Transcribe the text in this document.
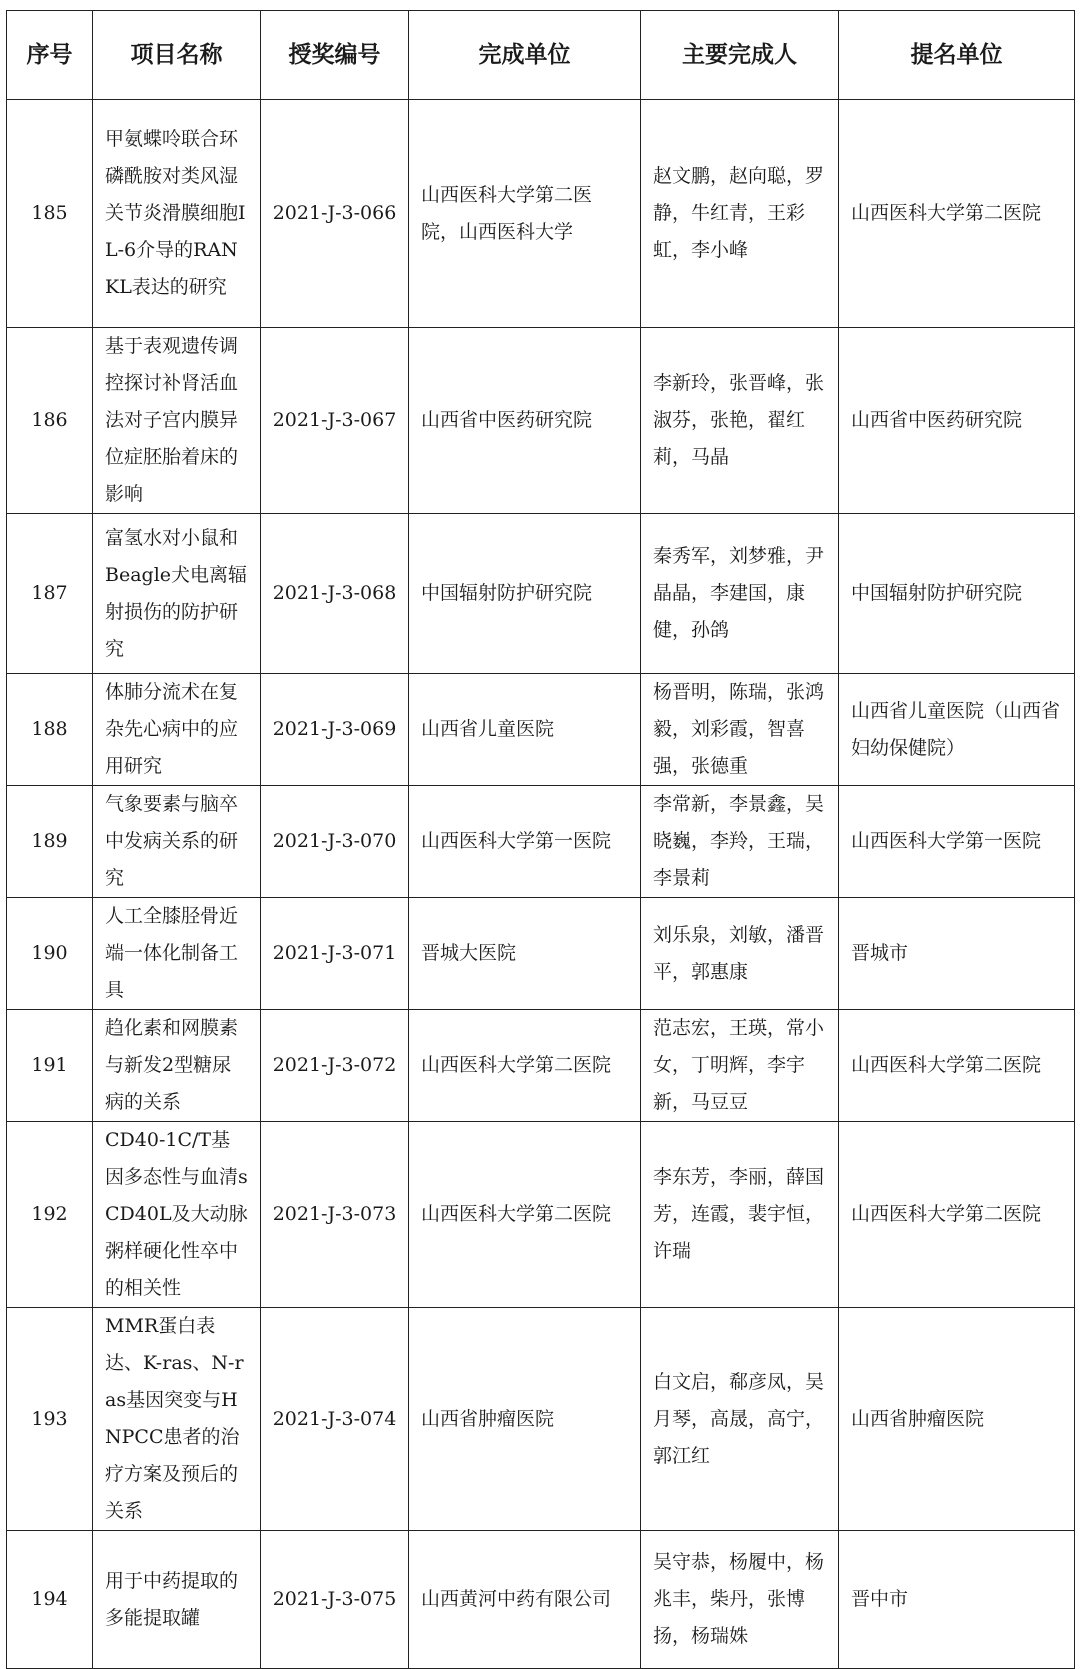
序号	项目名称	授奖编号	完成单位	主要完成人	提名单位
185	甲氨蝶呤联合环磷酰胺对类风湿关节炎滑膜细胞IL-6介导的RANKL表达的研究	2021-J-3-066	山西医科大学第二医院，山西医科大学	赵文鹏，赵向聪，罗静，牛红青，王彩虹，李小峰	山西医科大学第二医院
186	基于表观遗传调控探讨补肾活血法对子宫内膜异位症胚胎着床的影响	2021-J-3-067	山西省中医药研究院	李新玲，张晋峰，张淑芬，张艳，翟红莉，马晶	山西省中医药研究院
187	富氢水对小鼠和Beagle犬电离辐射损伤的防护研究	2021-J-3-068	中国辐射防护研究院	秦秀军，刘梦雅，尹晶晶，李建国，康健，孙鸽	中国辐射防护研究院
188	体肺分流术在复杂先心病中的应用研究	2021-J-3-069	山西省儿童医院	杨晋明，陈瑞，张鸿毅，刘彩霞，智喜强，张德重	山西省儿童医院（山西省妇幼保健院）
189	气象要素与脑卒中发病关系的研究	2021-J-3-070	山西医科大学第一医院	李常新，李景鑫，吴晓巍，李羚，王瑞，李景莉	山西医科大学第一医院
190	人工全膝胫骨近端一体化制备工具	2021-J-3-071	晋城大医院	刘乐泉，刘敏，潘晋平，郭惠康	晋城市
191	趋化素和网膜素与新发2型糖尿病的关系	2021-J-3-072	山西医科大学第二医院	范志宏，王瑛，常小女，丁明辉，李宇新，马豆豆	山西医科大学第二医院
192	CD40-1C/T基因多态性与血清sCD40L及大动脉粥样硬化性卒中的相关性	2021-J-3-073	山西医科大学第二医院	李东芳，李丽，薛国芳，连霞，裴宇恒，许瑞	山西医科大学第二医院
193	MMR蛋白表达、K-ras、N-ras基因突变与HNPCC患者的治疗方案及预后的关系	2021-J-3-074	山西省肿瘤医院	白文启，郗彦凤，吴月琴，高晟，高宁，郭江红	山西省肿瘤医院
194	用于中药提取的多能提取罐	2021-J-3-075	山西黄河中药有限公司	吴守恭，杨履中，杨兆丰，柴丹，张博扬，杨瑞姝	晋中市
